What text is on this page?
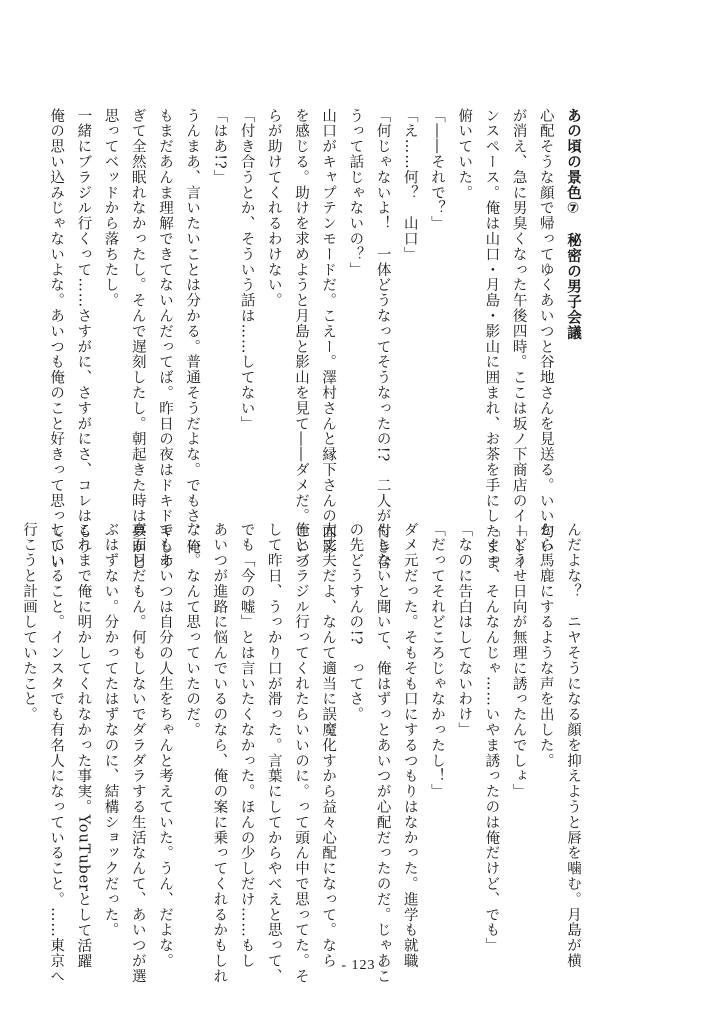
あの頃の景色⑦　秘密の男子会議
心配そうな顔で帰ってゆくあいつと谷地さんを見送る。いい匂い
が消え、急に男臭くなった午後四時。ここは坂ノ下商店のイートイ
ンスペース。俺は山口・月島・影山に囲まれ、お茶を手にしたまま
俯いていた。
「――それで？」
「え……何？　山口」
「何じゃないよ！　一体どうなってそうなったの!?　二人が付き合
うって話じゃないの？」
山口がキャプテンモードだ。こえー。澤村さんと縁下さんの面影
を感じる。助けを求めようと月島と影山を見て――ダメだ。こいつ
らが助けてくれるわけない。
「付き合うとか、そういう話は……してない」
「はあ!?」
うんまあ、言いたいことは分かる。普通そうだよな。でもさ、俺
もまだあんま理解できてないんだってば。昨日の夜はドキドキしす
ぎて全然眠れなかったし。そんで遅刻したし。朝起きた時は夢かと
思ってベッドから落ちたし。
一緒にブラジル行くって……さすがに、さすがにさ、コレはもう
俺の思い込みじゃないよな。あいつも俺のこと好きって思っていい
んだよな？　ニヤそうになる顔を抑えようと唇を噛む。月島が横
から馬鹿にするような声を出した。
「どうせ日向が無理に誘ったんでしょ」
「ぐっ、そんなんじゃ……いやま誘ったのは俺だけど、でも」
「なのに告白はしてないわけ」
「だってそれどころじゃなかったし！」
ダメ元だった。そもそも口にするつもりはなかった。進学も就職
もしないと聞いて、俺はずっとあいつが心配だったのだ。じゃあこ
の先どうすんの!?　ってさ。
大丈夫だよ、なんて適当に誤魔化すから益々心配になって。なら
俺とブラジル行ってくれたらいいのに。って頭ん中で思ってた。そ
して昨日、うっかり口が滑った。言葉にしてからやべえと思って、
でも「今の嘘」とは言いたくなかった。ほんの少しだけ……もし
あいつが進路に悩んでいるのなら、俺の案に乗ってくれるかもしれ
ない。なんて思っていたのだ。
でもあいつは自分の人生をちゃんと考えていた。うん、だよな。
真面目だもん。何もしないでダラダラする生活なんて、あいつが選
ぶはずない。分かってたはずなのに、結構ショックだった。
これまで俺に明かしてくれなかった事実。YouTuberとして活躍
していること。インスタでも有名人になっていること。……東京へ
行こうと計画していたこと。
- 123 -
